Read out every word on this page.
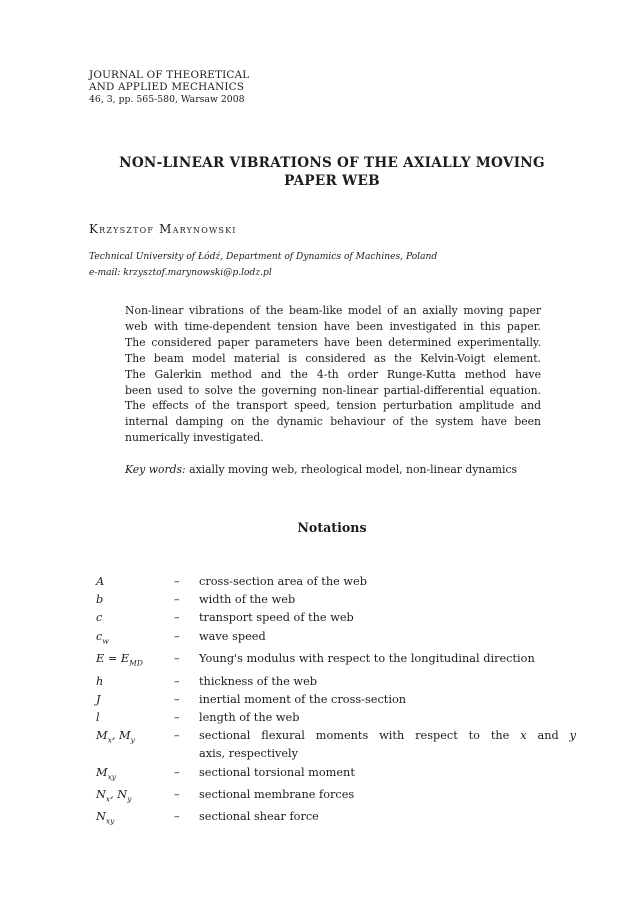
JOURNAL OF THEORETICAL
AND APPLIED MECHANICS
46, 3, pp. 565-580, Warsaw 2008
NON-LINEAR VIBRATIONS OF THE AXIALLY MOVING
PAPER WEB
Krzysztof Marynowski
Technical University of Łódź, Department of Dynamics of Machines, Poland
e-mail: krzysztof.marynowski@p.lodz.pl
Non-linear vibrations of the beam-like model of an axially moving paper
web with time-dependent tension have been investigated in this paper.
The considered paper parameters have been determined experimentally.
The beam model material is considered as the Kelvin-Voigt element.
The Galerkin method and the 4-th order Runge-Kutta method have
been used to solve the governing non-linear partial-differential equation.
The effects of the transport speed, tension perturbation amplitude and
internal damping on the dynamic behaviour of the system have been
numerically investigated.
Key words: axially moving web, rheological model, non-linear dynamics
Notations
A	–	cross-section area of the web
b	–	width of the web
c	–	transport speed of the web
$c_w$	–	wave speed
$E = E_{MD}$	–	Young's modulus with respect to the longitudinal direction
h	–	thickness of the web
J	–	inertial moment of the cross-section
l	–	length of the web
$M_x$, $M_y$	–	sectional flexural moments with respect to the x and y
axis, respectively
$M_{xy}$	–	sectional torsional moment
$N_x$, $N_y$	–	sectional membrane forces
$N_{xy}$	–	sectional shear force
